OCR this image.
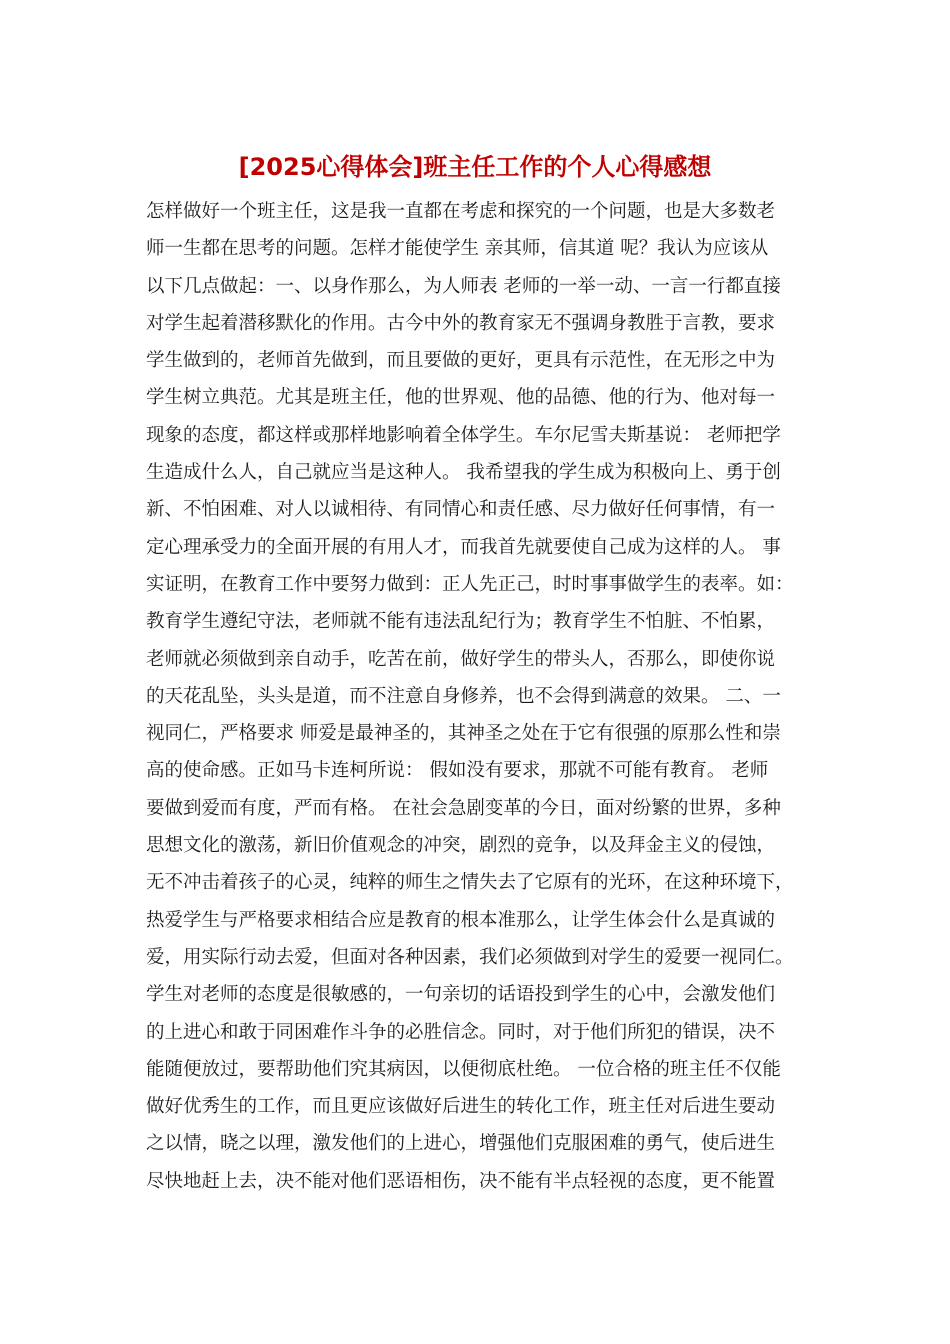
[2025心得体会]班主任工作的个人心得感想
怎样做好一个班主任，这是我一直都在考虑和探究的一个问题，也是大多数老
师一生都在思考的问题。怎样才能使学生 亲其师，信其道 呢？我认为应该从
以下几点做起：一、以身作那么，为人师表 老师的一举一动、一言一行都直接
对学生起着潜移默化的作用。古今中外的教育家无不强调身教胜于言教，要求
学生做到的，老师首先做到，而且要做的更好，更具有示范性，在无形之中为
学生树立典范。尤其是班主任，他的世界观、他的品德、他的行为、他对每一
现象的态度，都这样或那样地影响着全体学生。车尔尼雪夫斯基说： 老师把学
生造成什么人，自己就应当是这种人。 我希望我的学生成为积极向上、勇于创
新、不怕困难、对人以诚相待、有同情心和责任感、尽力做好任何事情，有一
定心理承受力的全面开展的有用人才，而我首先就要使自己成为这样的人。 事
实证明，在教育工作中要努力做到：正人先正己，时时事事做学生的表率。如：
教育学生遵纪守法，老师就不能有违法乱纪行为；教育学生不怕脏、不怕累，
老师就必须做到亲自动手，吃苦在前，做好学生的带头人，否那么，即使你说
的天花乱坠，头头是道，而不注意自身修养，也不会得到满意的效果。 二、一
视同仁，严格要求 师爱是最神圣的，其神圣之处在于它有很强的原那么性和崇
高的使命感。正如马卡连柯所说： 假如没有要求，那就不可能有教育。 老师
要做到爱而有度，严而有格。 在社会急剧变革的今日，面对纷繁的世界，多种
思想文化的激荡，新旧价值观念的冲突，剧烈的竞争，以及拜金主义的侵蚀，
无不冲击着孩子的心灵，纯粹的师生之情失去了它原有的光环，在这种环境下，
热爱学生与严格要求相结合应是教育的根本准那么，让学生体会什么是真诚的
爱，用实际行动去爱，但面对各种因素，我们必须做到对学生的爱要一视同仁。
学生对老师的态度是很敏感的，一句亲切的话语投到学生的心中，会激发他们
的上进心和敢于同困难作斗争的必胜信念。同时，对于他们所犯的错误，决不
能随便放过，要帮助他们究其病因，以便彻底杜绝。 一位合格的班主任不仅能
做好优秀生的工作，而且更应该做好后进生的转化工作，班主任对后进生要动
之以情，晓之以理，激发他们的上进心，增强他们克服困难的勇气，使后进生
尽快地赶上去，决不能对他们恶语相伤，决不能有半点轻视的态度，更不能置
